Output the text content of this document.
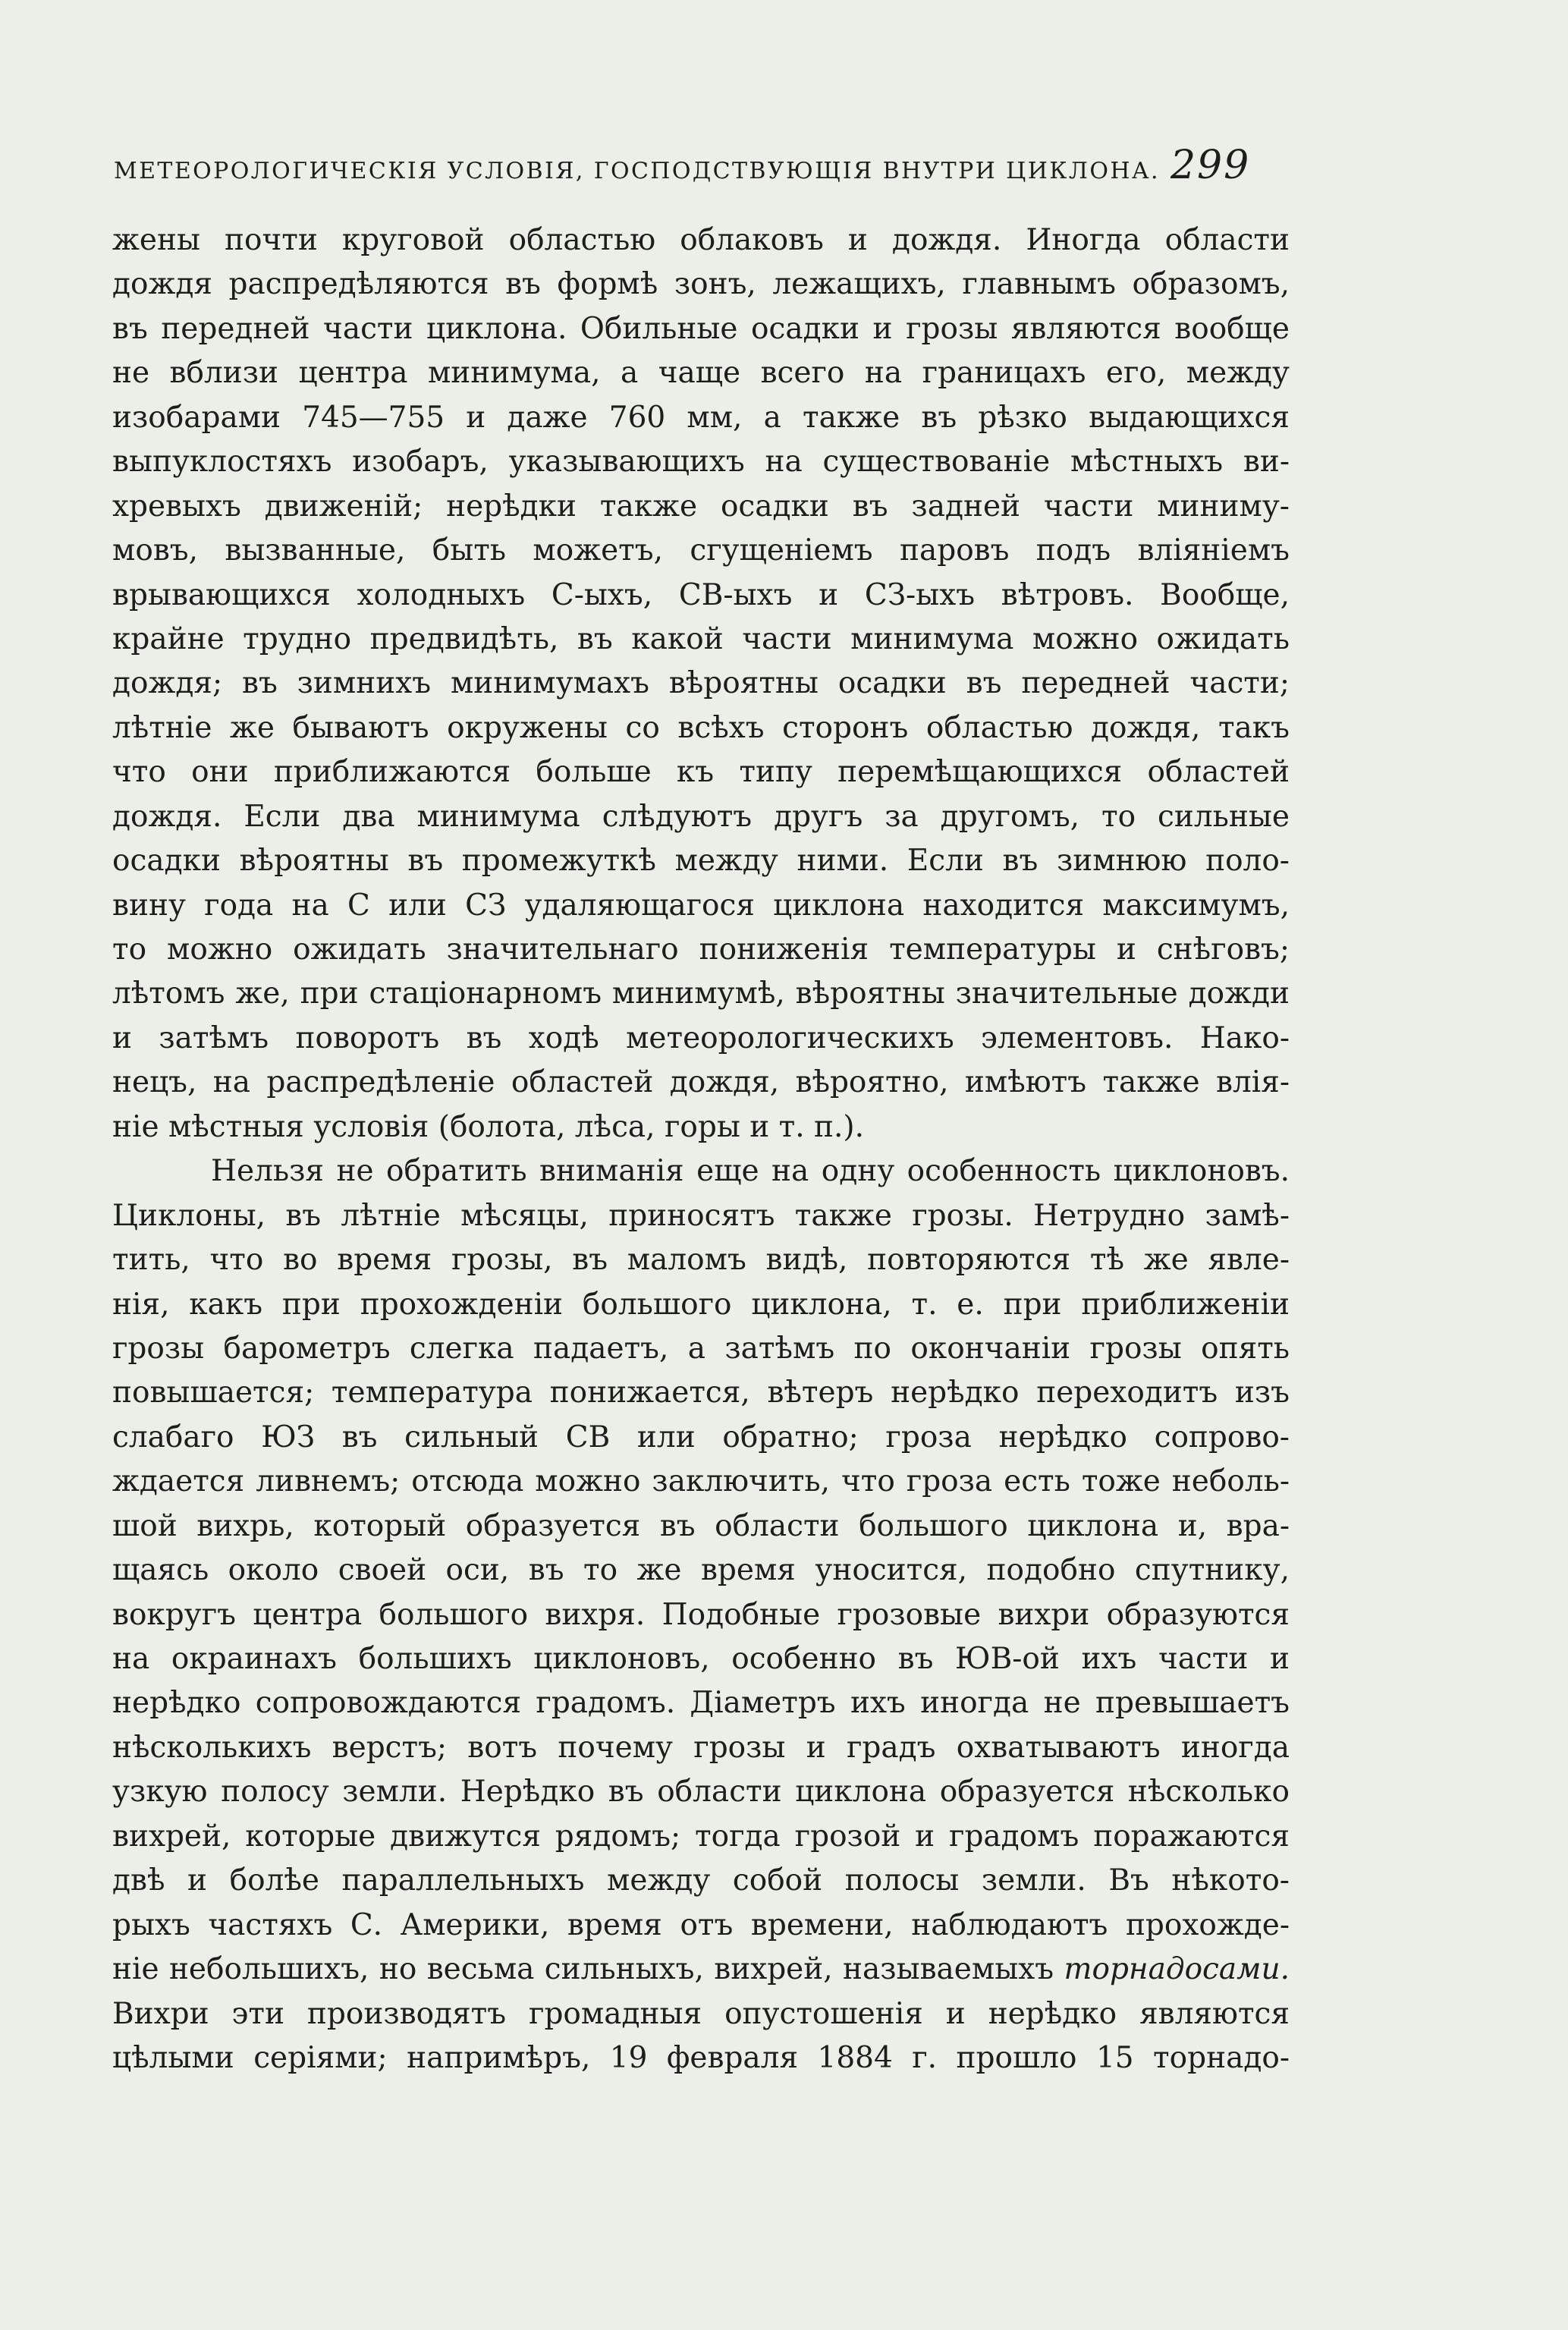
МЕТЕОРОЛОГИЧЕСКІЯ УСЛОВІЯ, ГОСПОДСТВУЮЩІЯ ВНУТРИ ЦИКЛОНА. 299
жены почти круговой областью облаковъ и дождя. Иногда области
дождя распредѣляются въ формѣ зонъ, лежащихъ, главнымъ образомъ,
въ передней части циклона. Обильные осадки и грозы являются вообще
не вблизи центра минимума, а чаще всего на границахъ его, между
изобарами 745—755 и даже 760 мм, а также въ рѣзко выдающихся
выпуклостяхъ изобаръ, указывающихъ на существованіе мѣстныхъ ви-
хревыхъ движеній; нерѣдки также осадки въ задней части миниму-
мовъ, вызванные, быть можетъ, сгущеніемъ паровъ подъ вліяніемъ
врывающихся холодныхъ С-ыхъ, СВ-ыхъ и СЗ-ыхъ вѣтровъ. Вообще,
крайне трудно предвидѣть, въ какой части минимума можно ожидать
дождя; въ зимнихъ минимумахъ вѣроятны осадки въ передней части;
лѣтніе же бываютъ окружены со всѣхъ сторонъ областью дождя, такъ
что они приближаются больше къ типу перемѣщающихся областей
дождя. Если два минимума слѣдуютъ другъ за другомъ, то сильные
осадки вѣроятны въ промежуткѣ между ними. Если въ зимнюю поло-
вину года на С или СЗ удаляющагося циклона находится максимумъ,
то можно ожидать значительнаго пониженія температуры и снѣговъ;
лѣтомъ же, при стаціонарномъ минимумѣ, вѣроятны значительные дожди
и затѣмъ поворотъ въ ходѣ метеорологическихъ элементовъ. Нако-
нецъ, на распредѣленіе областей дождя, вѣроятно, имѣютъ также влія-
ніе мѣстныя условія (болота, лѣса, горы и т. п.).
Нельзя не обратить вниманія еще на одну особенность циклоновъ.
Циклоны, въ лѣтніе мѣсяцы, приносятъ также грозы. Нетрудно замѣ-
тить, что во время грозы, въ маломъ видѣ, повторяются тѣ же явле-
нія, какъ при прохожденіи большого циклона, т. е. при приближеніи
грозы барометръ слегка падаетъ, а затѣмъ по окончаніи грозы опять
повышается; температура понижается, вѣтеръ нерѣдко переходитъ изъ
слабаго ЮЗ въ сильный СВ или обратно; гроза нерѣдко сопрово-
ждается ливнемъ; отсюда можно заключить, что гроза есть тоже неболь-
шой вихрь, который образуется въ области большого циклона и, вра-
щаясь около своей оси, въ то же время уносится, подобно спутнику,
вокругъ центра большого вихря. Подобные грозовые вихри образуются
на окраинахъ большихъ циклоновъ, особенно въ ЮВ-ой ихъ части и
нерѣдко сопровождаются градомъ. Діаметръ ихъ иногда не превышаетъ
нѣсколькихъ верстъ; вотъ почему грозы и градъ охватываютъ иногда
узкую полосу земли. Нерѣдко въ области циклона образуется нѣсколько
вихрей, которые движутся рядомъ; тогда грозой и градомъ поражаются
двѣ и болѣе параллельныхъ между собой полосы земли. Въ нѣкото-
рыхъ частяхъ С. Америки, время отъ времени, наблюдаютъ прохожде-
ніе небольшихъ, но весьма сильныхъ, вихрей, называемыхъ торнадосами.
Вихри эти производятъ громадныя опустошенія и нерѣдко являются
цѣлыми серіями; напримѣръ, 19 февраля 1884 г. прошло 15 торнадо-
